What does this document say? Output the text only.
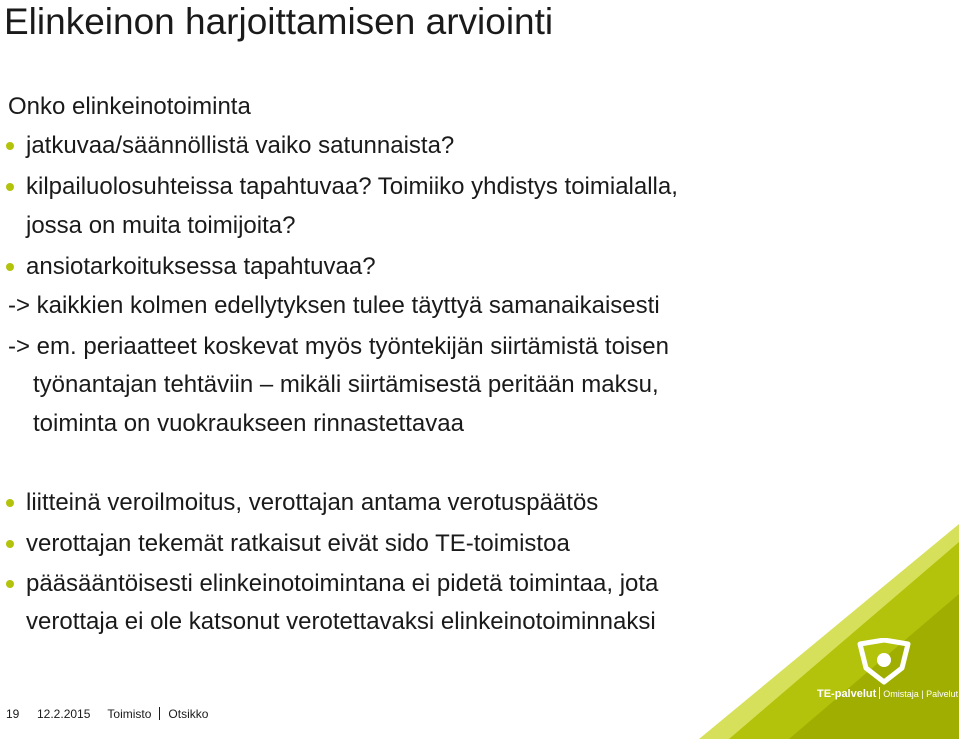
Elinkeinon harjoittamisen arviointi
Onko elinkeinotoiminta
jatkuvaa/säännöllistä vaiko satunnaista?
kilpailuolosuhteissa tapahtuvaa? Toimiiko yhdistys toimialalla,
jossa on muita toimijoita?
ansiotarkoituksessa tapahtuvaa?
-> kaikkien kolmen edellytyksen tulee täyttyä samanaikaisesti
-> em. periaatteet koskevat myös työntekijän siirtämistä toisen
työnantajan tehtäviin – mikäli siirtämisestä peritään maksu,
toiminta on vuokraukseen rinnastettavaa
liitteinä veroilmoitus, verottajan antama verotuspäätös
verottajan tekemät ratkaisut eivät sido TE-toimistoa
pääsääntöisesti elinkeinotoimintana ei pidetä toimintaa, jota
verottaja ei ole katsonut verotettavaksi elinkeinotoiminnaksi
TE-palvelut Omistaja | Palvelut
19 12.2.2015 Toimisto Otsikko
